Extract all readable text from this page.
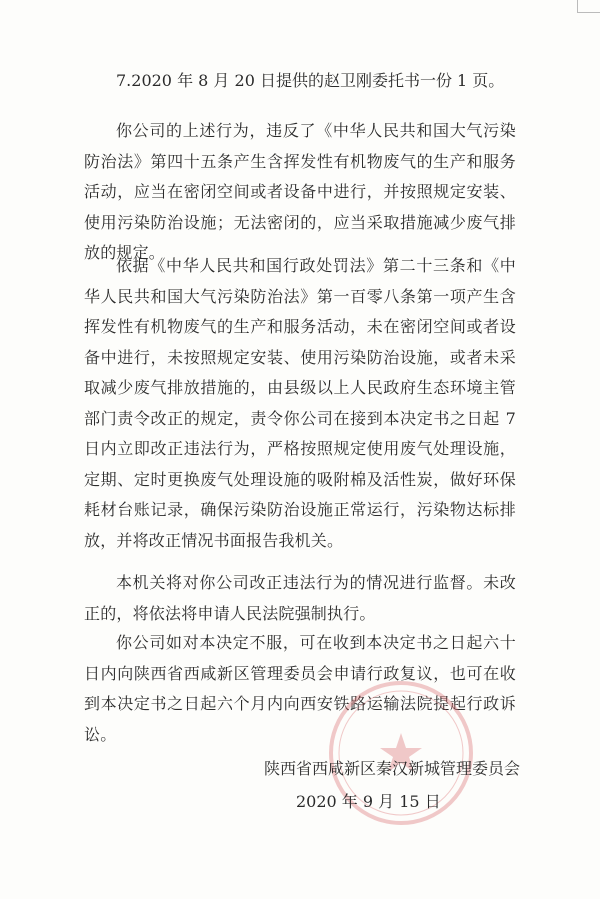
7.2020 年 8 月 20 日提供的赵卫刚委托书一份 1 页。

你公司的上述行为，违反了《中华人民共和国大气污染防治法》第四十五条产生含挥发性有机物废气的生产和服务活动，应当在密闭空间或者设备中进行，并按照规定安装、使用污染防治设施；无法密闭的，应当采取措施减少废气排放的规定。

依据《中华人民共和国行政处罚法》第二十三条和《中华人民共和国大气污染防治法》第一百零八条第一项产生含挥发性有机物废气的生产和服务活动，未在密闭空间或者设备中进行，未按照规定安装、使用污染防治设施，或者未采取减少废气排放措施的，由县级以上人民政府生态环境主管部门责令改正的规定，责令你公司在接到本决定书之日起 7 日内立即改正违法行为，严格按照规定使用废气处理设施，定期、定时更换废气处理设施的吸附棉及活性炭，做好环保耗材台账记录，确保污染防治设施正常运行，污染物达标排放，并将改正情况书面报告我机关。

本机关将对你公司改正违法行为的情况进行监督。未改正的，将依法将申请人民法院强制执行。

你公司如对本决定不服，可在收到本决定书之日起六十日内向陕西省西咸新区管理委员会申请行政复议，也可在收到本决定书之日起六个月内向西安铁路运输法院提起行政诉讼。

陕西省西咸新区秦汉新城管理委员会
2020 年 9 月 15 日
